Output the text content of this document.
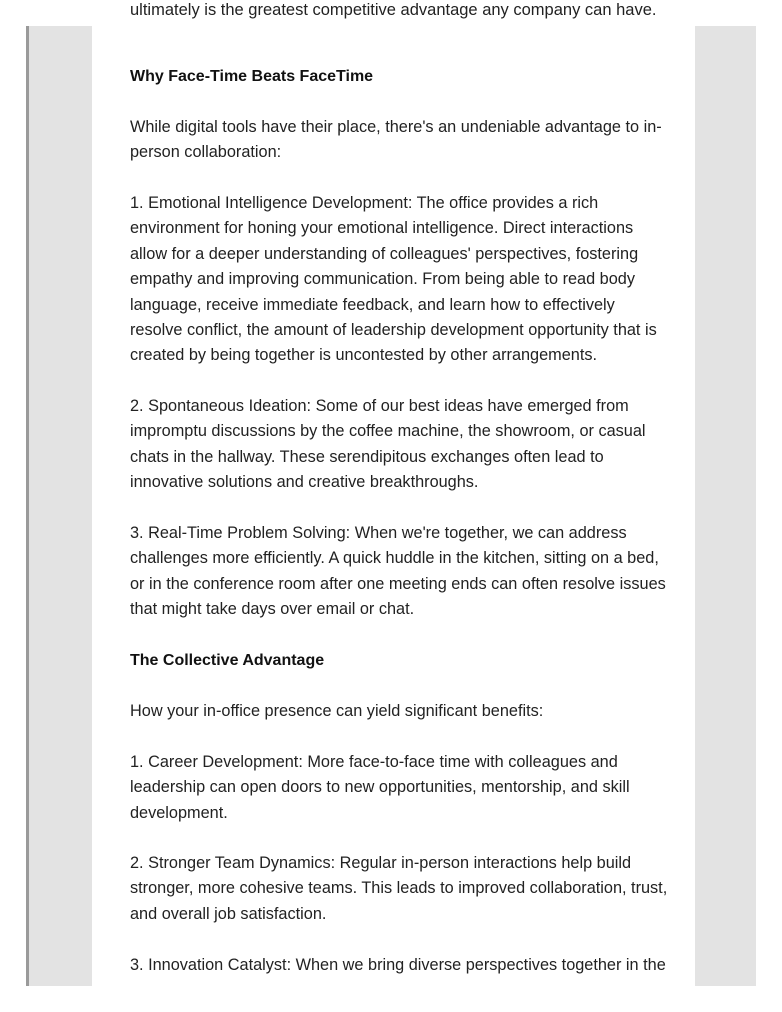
ultimately is the greatest competitive advantage any company can have.
Why Face-Time Beats FaceTime

While digital tools have their place, there's an undeniable advantage to in-person collaboration:

1. Emotional Intelligence Development: The office provides a rich environment for honing your emotional intelligence. Direct interactions allow for a deeper understanding of colleagues' perspectives, fostering empathy and improving communication. From being able to read body language, receive immediate feedback, and learn how to effectively resolve conflict, the amount of leadership development opportunity that is created by being together is uncontested by other arrangements.

2. Spontaneous Ideation: Some of our best ideas have emerged from impromptu discussions by the coffee machine, the showroom, or casual chats in the hallway. These serendipitous exchanges often lead to innovative solutions and creative breakthroughs.

3. Real-Time Problem Solving: When we're together, we can address challenges more efficiently. A quick huddle in the kitchen, sitting on a bed, or in the conference room after one meeting ends can often resolve issues that might take days over email or chat.

The Collective Advantage

How your in-office presence can yield significant benefits:

1. Career Development: More face-to-face time with colleagues and leadership can open doors to new opportunities, mentorship, and skill development.

2. Stronger Team Dynamics: Regular in-person interactions help build stronger, more cohesive teams. This leads to improved collaboration, trust, and overall job satisfaction.

3. Innovation Catalyst: When we bring diverse perspectives together in the
